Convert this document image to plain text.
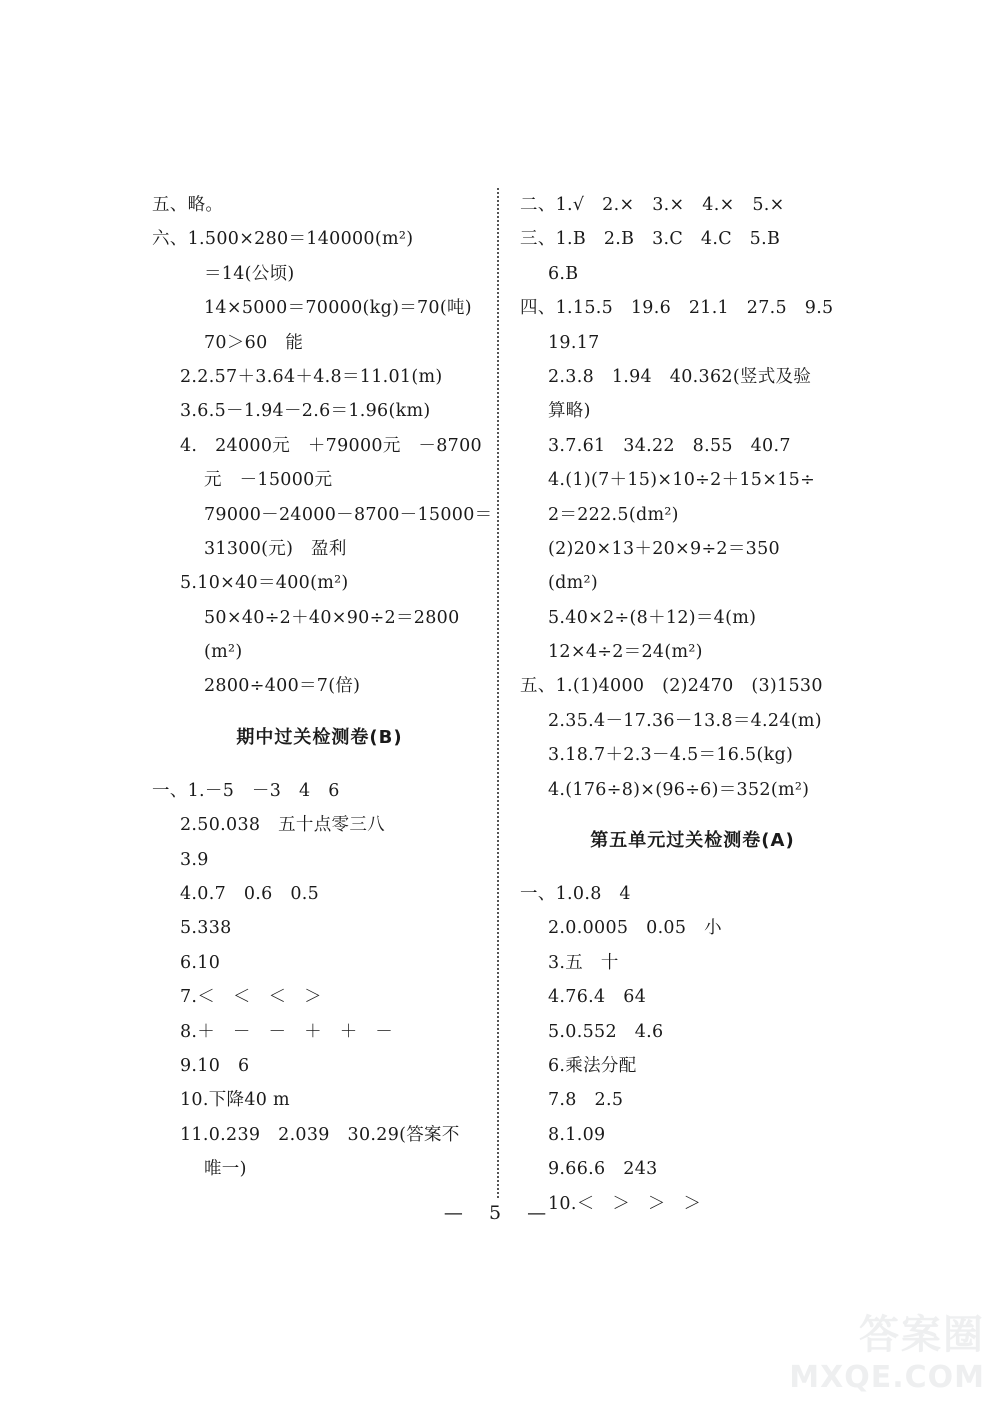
五、略。
六、1.500×280＝140000(m²)
＝14(公顷)
14×5000＝70000(kg)＝70(吨)
70＞60　能
2.2.57＋3.64＋4.8＝11.01(m)
3.6.5－1.94－2.6＝1.96(km)
4.　24000元　＋79000元　－8700
元　－15000元
79000－24000－8700－15000＝
31300(元)　盈利
5.10×40＝400(m²)
50×40÷2＋40×90÷2＝2800
(m²)
2800÷400＝7(倍)
期中过关检测卷(B)
一、1.－5　－3　4　6
2.50.038　五十点零三八
3.9
4.0.7　0.6　0.5
5.338
6.10
7.＜　＜　＜　＞
8.＋　－　－　＋　＋　－
9.10　6
10.下降40 m
11.0.239　2.039　30.29(答案不
唯一)
二、1.√　2.×　3.×　4.×　5.×
三、1.B　2.B　3.C　4.C　5.B
6.B
四、1.15.5　19.6　21.1　27.5　9.5
19.17
2.3.8　1.94　40.362(竖式及验
算略)
3.7.61　34.22　8.55　40.7
4.(1)(7＋15)×10÷2＋15×15÷
2＝222.5(dm²)
(2)20×13＋20×9÷2＝350
(dm²)
5.40×2÷(8＋12)＝4(m)
12×4÷2＝24(m²)
五、1.(1)4000　(2)2470　(3)1530
2.35.4－17.36－13.8＝4.24(m)
3.18.7＋2.3－4.5＝16.5(kg)
4.(176÷8)×(96÷6)＝352(m²)
第五单元过关检测卷(A)
一、1.0.8　4
2.0.0005　0.05　小
3.五　十
4.76.4　64
5.0.552　4.6
6.乘法分配
7.8　2.5
8.1.09
9.66.6　243
10.＜　＞　＞　＞
— 5 —
答案圈
MXQE.COM
